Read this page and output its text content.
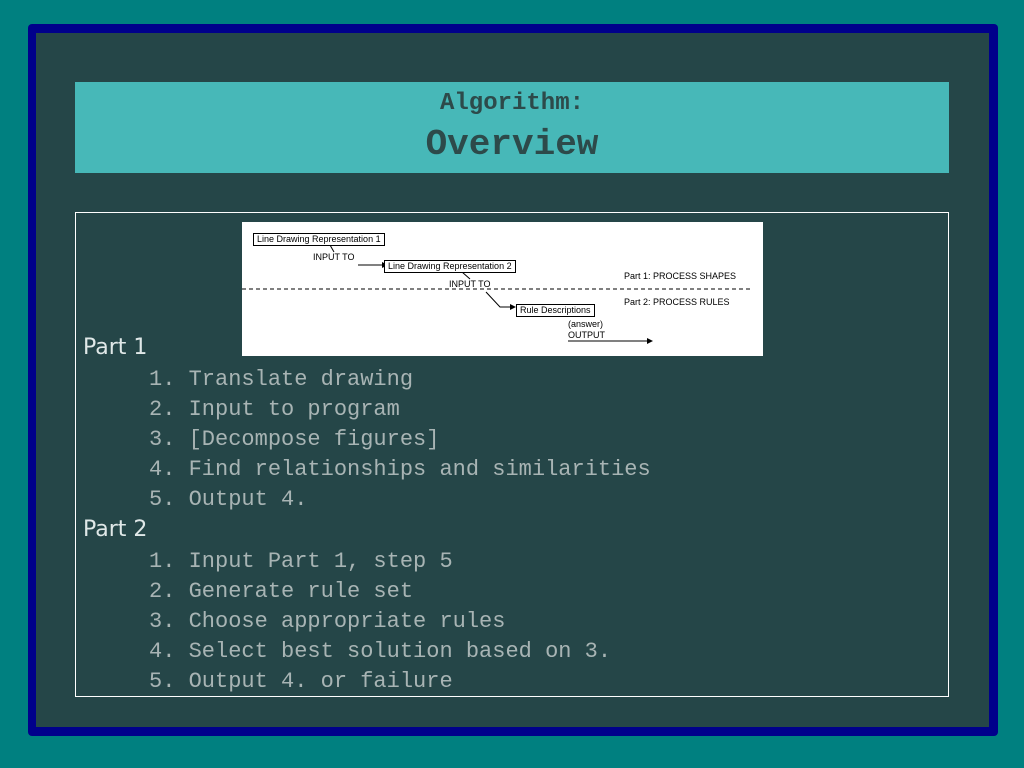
Algorithm:
Overview
Line Drawing Representation 1
INPUT TO
Line Drawing Representation 2
INPUT TO
Rule Descriptions
(answer)
OUTPUT
Part 1: PROCESS SHAPES
Part 2: PROCESS RULES
Part 1
1. Translate drawing
2. Input to program
3. [Decompose figures]
4. Find relationships and similarities
5. Output 4.
Part 2
1. Input Part 1, step 5
2. Generate rule set
3. Choose appropriate rules
4. Select best solution based on 3.
5. Output 4. or failure
